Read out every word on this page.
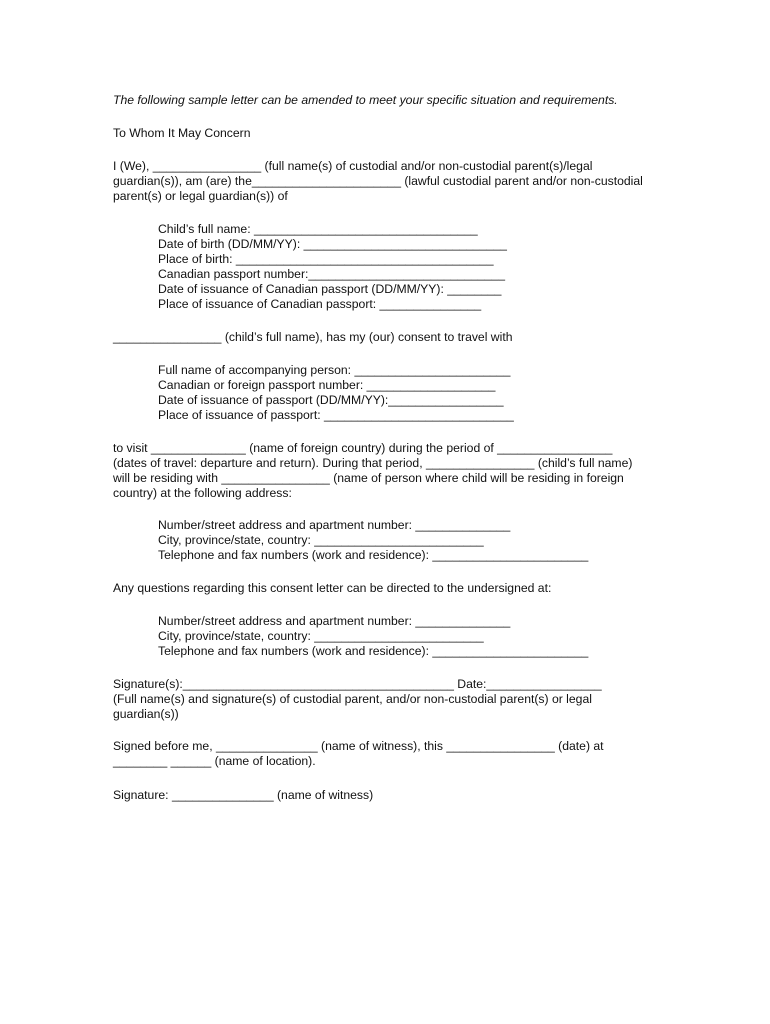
The following sample letter can be amended to meet your specific situation and requirements.
To Whom It May Concern
I (We), ________________ (full name(s) of custodial and/or non-custodial parent(s)/legal
guardian(s)), am (are) the______________________ (lawful custodial parent and/or non-custodial
parent(s) or legal guardian(s)) of
Child’s full name: _________________________________
Date of birth (DD/MM/YY): ______________________________
Place of birth: ______________________________________
Canadian passport number:_____________________________
Date of issuance of Canadian passport (DD/MM/YY): ________
Place of issuance of Canadian passport: _______________
________________ (child’s full name), has my (our) consent to travel with
Full name of accompanying person: _______________________
Canadian or foreign passport number: ___________________
Date of issuance of passport (DD/MM/YY):_________________
Place of issuance of passport: ____________________________
to visit ______________ (name of foreign country) during the period of _________________
(dates of travel: departure and return). During that period, ________________ (child’s full name)
will be residing with ________________ (name of person where child will be residing in foreign
country) at the following address:
Number/street address and apartment number: ______________
City, province/state, country: _________________________
Telephone and fax numbers (work and residence): _______________________
Any questions regarding this consent letter can be directed to the undersigned at:
Number/street address and apartment number: ______________
City, province/state, country: _________________________
Telephone and fax numbers (work and residence): _______________________
Signature(s):________________________________________ Date:_________________
(Full name(s) and signature(s) of custodial parent, and/or non-custodial parent(s) or legal
guardian(s))
Signed before me, _______________ (name of witness), this ________________ (date) at
________ ______ (name of location).
Signature: _______________ (name of witness)
